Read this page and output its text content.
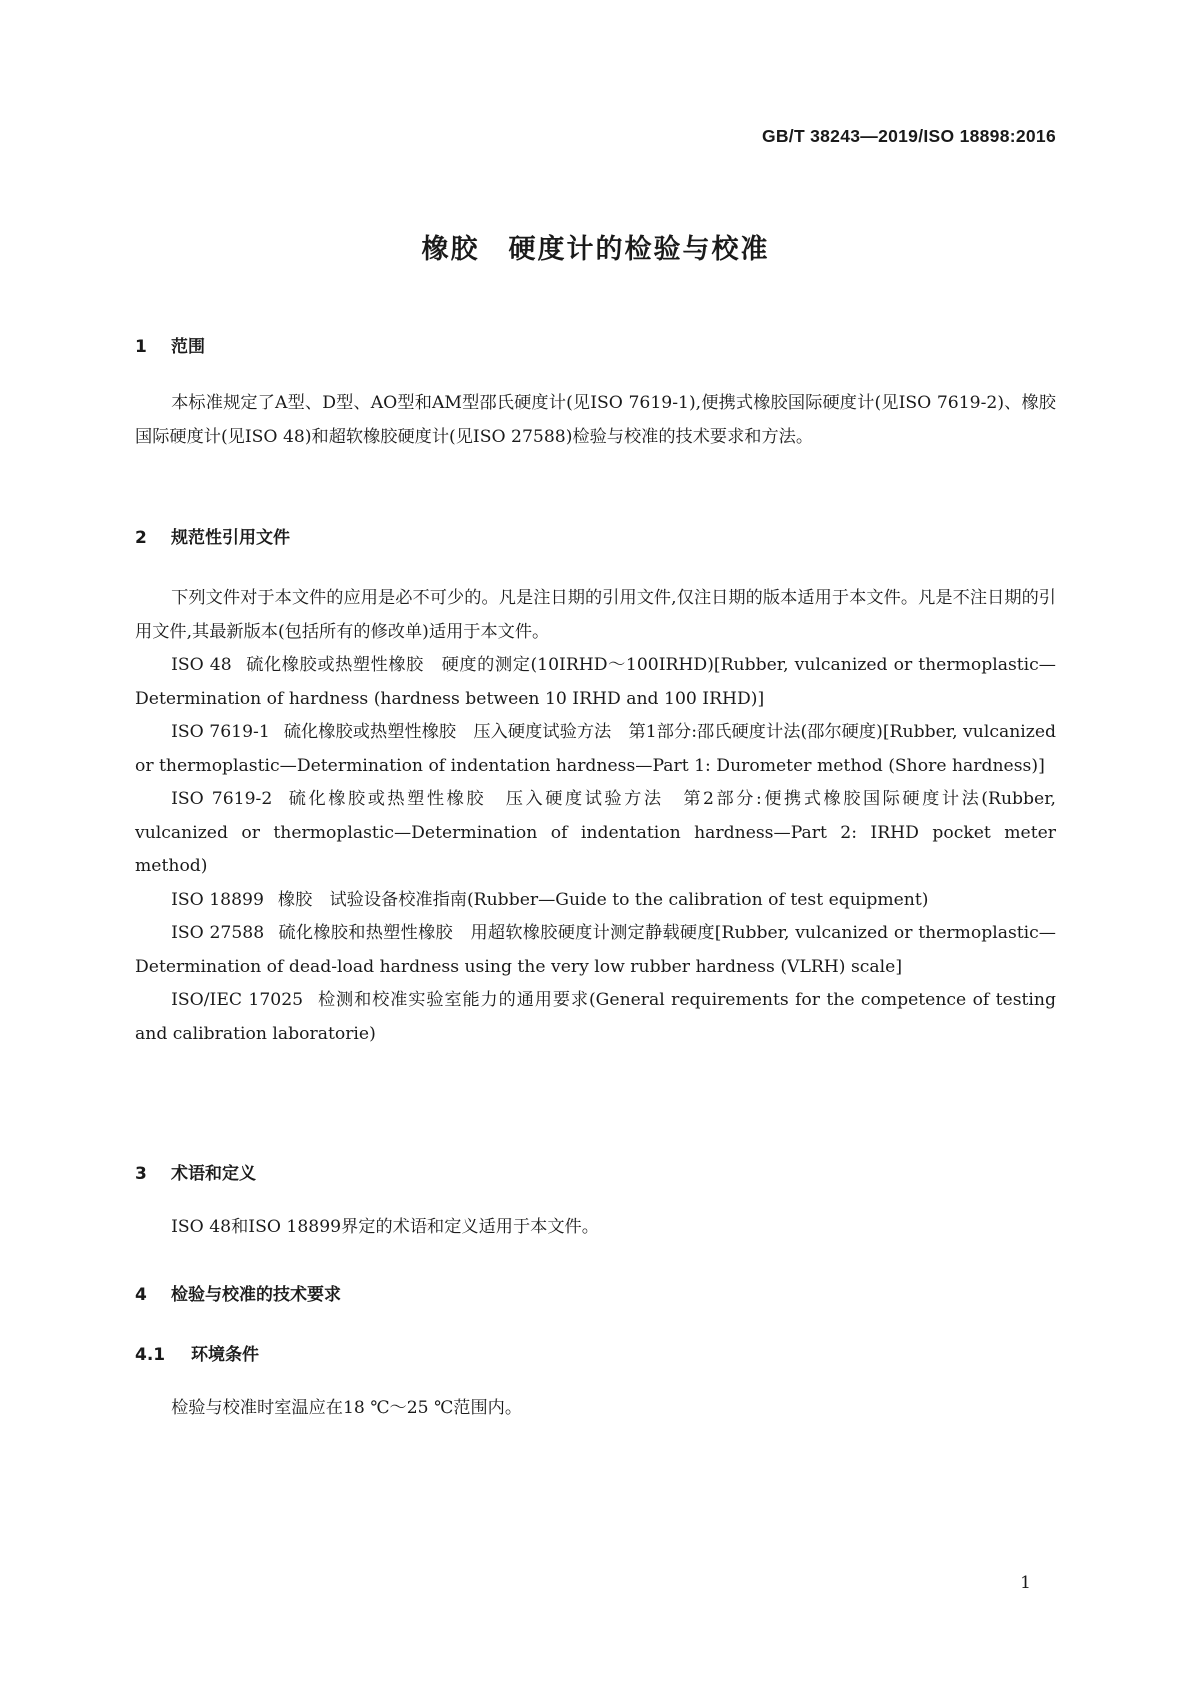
GB/T 38243—2019/ISO 18898:2016
橡胶　硬度计的检验与校准
1 范围

本标准规定了A型、D型、AO型和AM型邵氏硬度计(见ISO 7619-1),便携式橡胶国际硬度计(见ISO 7619-2)、橡胶国际硬度计(见ISO 48)和超软橡胶硬度计(见ISO 27588)检验与校准的技术要求和方法。

2 规范性引用文件

下列文件对于本文件的应用是必不可少的。凡是注日期的引用文件,仅注日期的版本适用于本文件。凡是不注日期的引用文件,其最新版本(包括所有的修改单)适用于本文件。

ISO 48 硫化橡胶或热塑性橡胶　硬度的测定(10IRHD～100IRHD)[Rubber, vulcanized or thermoplastic—Determination of hardness (hardness between 10 IRHD and 100 IRHD)]

ISO 7619-1 硫化橡胶或热塑性橡胶　压入硬度试验方法　第1部分:邵氏硬度计法(邵尔硬度)[Rubber, vulcanized or thermoplastic—Determination of indentation hardness—Part 1: Durometer method (Shore hardness)]

ISO 7619-2 硫化橡胶或热塑性橡胶　压入硬度试验方法　第2部分:便携式橡胶国际硬度计法(Rubber, vulcanized or thermoplastic—Determination of indentation hardness—Part 2: IRHD pocket meter method)

ISO 18899 橡胶　试验设备校准指南(Rubber—Guide to the calibration of test equipment)

ISO 27588 硫化橡胶和热塑性橡胶　用超软橡胶硬度计测定静载硬度[Rubber, vulcanized or thermoplastic—Determination of dead-load hardness using the very low rubber hardness (VLRH) scale]

ISO/IEC 17025 检测和校准实验室能力的通用要求(General requirements for the competence of testing and calibration laboratorie)

3 术语和定义

ISO 48和ISO 18899界定的术语和定义适用于本文件。

4 检验与校准的技术要求
4.1 环境条件

检验与校准时室温应在18 ℃～25 ℃范围内。

1
